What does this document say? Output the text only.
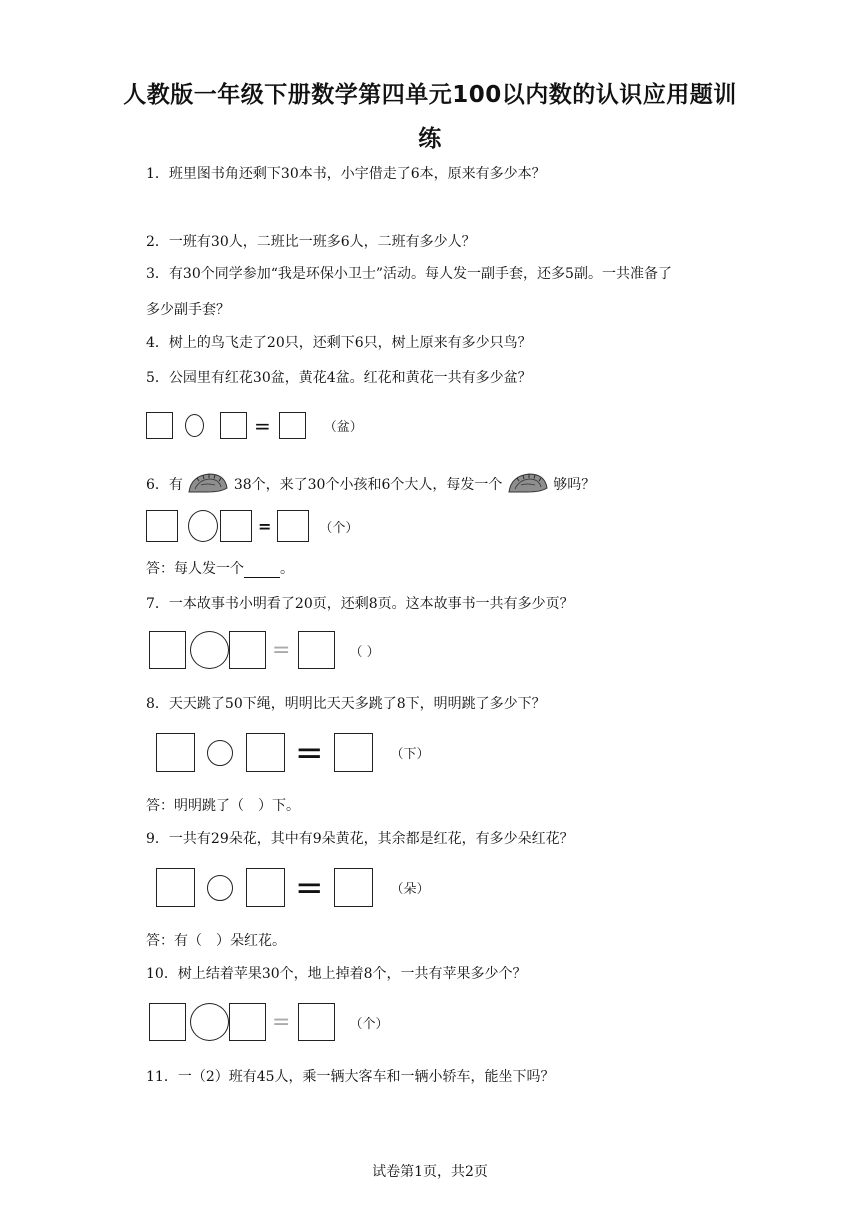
人教版一年级下册数学第四单元100以内数的认识应用题训
练
1．班里图书角还剩下30本书，小宇借走了6本，原来有多少本？
2．一班有30人，二班比一班多6人，二班有多少人？
3．有30个同学参加“我是环保小卫士”活动。每人发一副手套，还多5副。一共准备了
多少副手套？
4．树上的鸟飞走了20只，还剩下6只，树上原来有多少只鸟？
5．公园里有红花30盆，黄花4盆。红花和黄花一共有多少盆？
=	（盆）
6．有	38个，来了30个小孩和6个大人，每发一个	够吗？
=	（个）
答：每人发一个	。
7．一本故事书小明看了20页，还剩8页。这本故事书一共有多少页？
=	（ ）
8．天天跳了50下绳，明明比天天多跳了8下，明明跳了多少下？
=	（下）
答：明明跳了（　）下。
9．一共有29朵花，其中有9朵黄花，其余都是红花，有多少朵红花？
=	（朵）
答：有（　）朵红花。
10．树上结着苹果30个，地上掉着8个，一共有苹果多少个？
=	（个）
11．一（2）班有45人，乘一辆大客车和一辆小轿车，能坐下吗？
试卷第1页，共2页
